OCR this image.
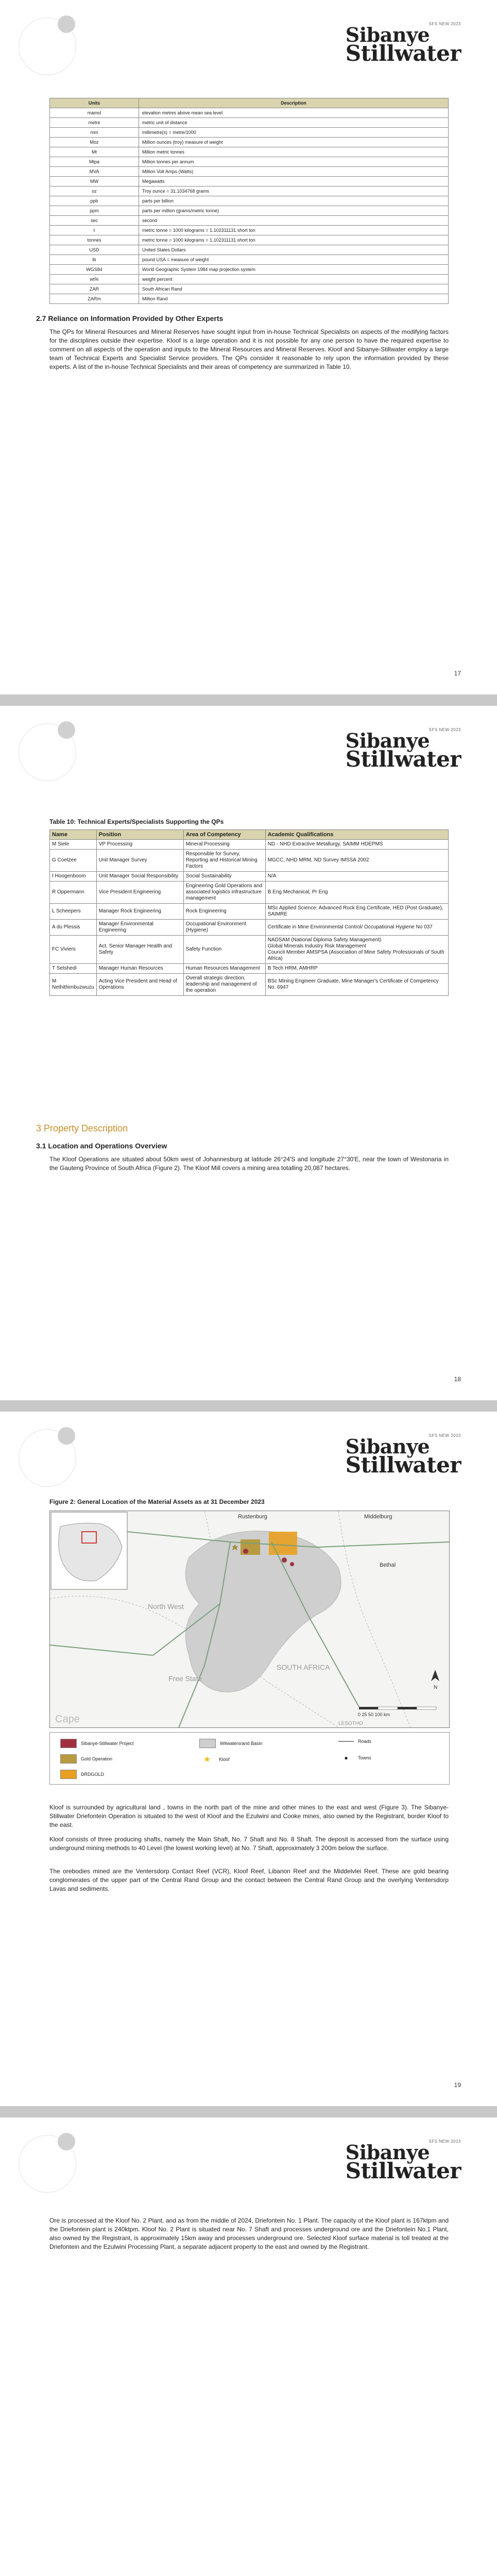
SFS NEW 2023
Sibanye
Stillwater
Units	Description
mamsl	elevation metres above mean sea level
metre	metric unit of distance
mm	millimetre(s) = metre/1000
Moz	Million ounces (troy) measure of weight
Mt	Million metric tonnes
Mtpa	Million tonnes per annum
MVA	Million Volt Amps (Watts)
MW	Megawatts
oz	Troy ounce = 31.1034768 grams
ppb	parts per billion
ppm	parts per million (grams/metric tonne)
sec	second
t	metric tonne = 1000 kilograms = 1.102311131 short ton
tonnes	metric tonne = 1000 kilograms = 1.102311131 short ton
USD	United States Dollars
lb	pound USA = measure of weight
WGS84	World Geographic System 1984 map projection system
wt%	weight percent
ZAR	South African Rand
ZARm	Million Rand
2.7 Reliance on Information Provided by Other Experts

The QPs for Mineral Resources and Mineral Reserves have sought input from in-house Technical Specialists on aspects of the modifying factors for the disciplines outside their expertise. Kloof is a large operation and it is not possible for any one person to have the required expertise to comment on all aspects of the operation and inputs to the Mineral Resources and Mineral Reserves. Kloof and Sibanye-Stillwater employ a large team of Technical Experts and Specialist Service providers. The QPs consider it reasonable to rely upon the information provided by these experts. A list of the in-house Technical Specialists and their areas of competency are summarized in Table 10.

17
SFS NEW 2023
Sibanye
Stillwater

Table 10: Technical Experts/Specialists Supporting the QPs

Name	Position	Area of Competency	Academic Qualifications
M Siele	VP Processing	Mineral Processing	ND - NHD Extractive Metallurgy, SAIMM HDEPMS
G Coetzee	Unit Manager Survey	Responsible for Survey, Reporting and Historical Mining Factors	MGCC, NHD MRM, ND Survey IMSSA 2002
I Hoogenboom	Unit Manager Social Responsibility	Social Sustainability	N/A
R Oppermann	Vice President Engineering	Engineering Gold Operations and associated logistics infrastructure management	B Eng Mechanical, Pr Eng
L Scheepers	Manager Rock Engineering	Rock Engineering	MSc Applied Science: Advanced Rock Eng Certificate, HED (Post Graduate), SAIMRE
A du Plessis	Manager Environmental Engineering	Occupational Environment (Hygiene)	Certificate in Mine Environmental Control/ Occupational Hygiene No 037
FC Viviers	Act. Senior Manager Health and Safety	Safety Function	NADSAM (National Diploma Safety Management)
Global Minerals Industry Risk Management
Council Member AMSPSA (Association of Mine Safety Professionals of South Africa)
T Setshedi	Manager Human Resources	Human Resources Management	B Tech HRM, AMHRP
M Nethithimbuzwuzu	Acting Vice President and Head of Operations	Overall strategic direction, leadership and management of the operation	BSc Mining Engineer Graduate, Mine Manager's Certificate of Competency No. 6947
3 Property Description
3.1 Location and Operations Overview

The Kloof Operations are situated about 50km west of Johannesburg at latitude 26°24'S and longitude 27°30'E, near the town of Westonaria in the Gauteng Province of South Africa (Figure 2). The Kloof Mill covers a mining area totalling 20,087 hectares.

18
SFS NEW 2023
Sibanye
Stillwater

Figure 2: General Location of the Material Assets as at 31 December 2023

N
0 25 50 100 km
North West
Free State
SOUTH AFRICA
LESOTHO
Cape
Rustenburg	Middelburg
Bethal
Sibanye-Stillwater Project
Gold Operation
DRDGOLD
Witwatersrand Basin
★	Kloof
Roads
●	Towns

Kloof is surrounded by agricultural land , towns in the north part of the mine and other mines to the east and west (Figure 3). The Sibanye-Stillwater Driefontein Operation is situated to the west of Kloof and the Ezulwini and Cooke mines, also owned by the Registrant, border Kloof to the east.

Kloof consists of three producing shafts, namely the Main Shaft, No. 7 Shaft and No. 8 Shaft. The deposit is accessed from the surface using underground mining methods to 40 Level (the lowest working level) at No. 7 Shaft, approximately 3 200m below the surface.

The orebodies mined are the Ventersdorp Contact Reef (VCR), Kloof Reef, Libanon Reef and the Middelvlei Reef. These are gold bearing conglomerates of the upper part of the Central Rand Group and the contact between the Central Rand Group and the overlying Ventersdorp Lavas and sediments.

19
SFS NEW 2023
Sibanye
Stillwater

Ore is processed at the Kloof No. 2 Plant, and as from the middle of 2024, Driefontein No. 1 Plant. The capacity of the Kloof plant is 167ktpm and the Driefontein plant is 240ktpm. Kloof No. 2 Plant is situated near No. 7 Shaft and processes underground ore and the Driefontein No.1 Plant, also owned by the Registrant, is approximately 15km away and processes underground ore. Selected Kloof surface material is toll treated at the Driefontein and the Ezulwini Processing Plant, a separate adjacent property to the east and owned by the Registrant.
